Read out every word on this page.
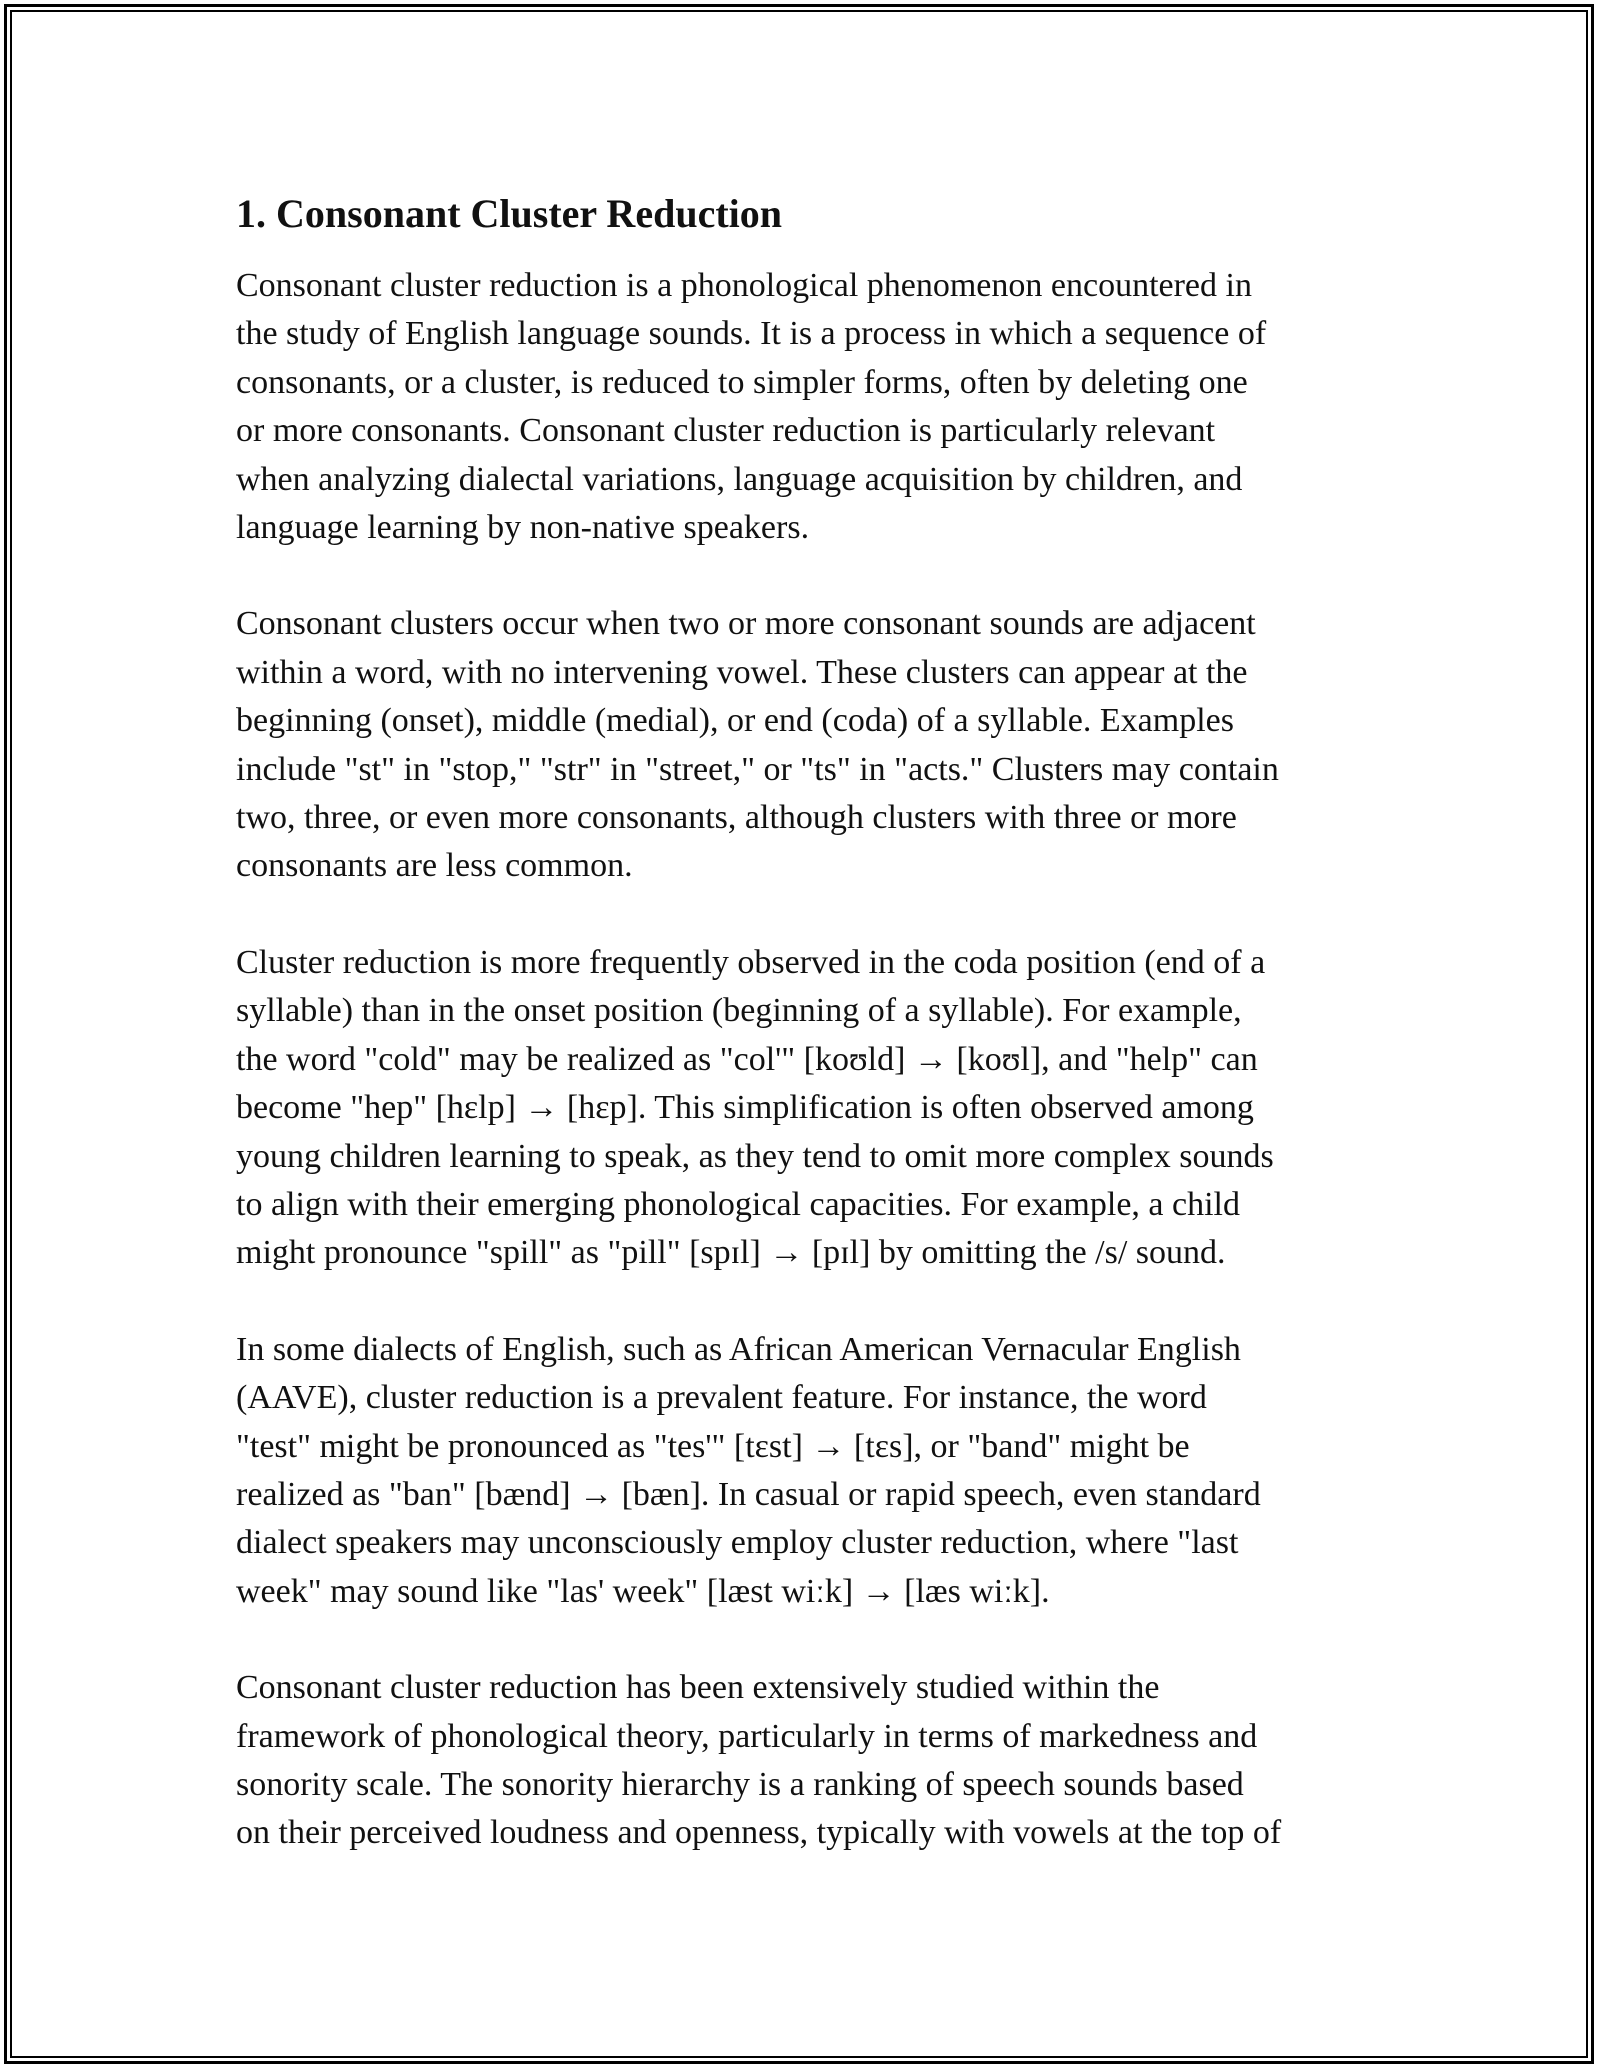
1. Consonant Cluster Reduction

Consonant cluster reduction is a phonological phenomenon encountered in
the study of English language sounds. It is a process in which a sequence of
consonants, or a cluster, is reduced to simpler forms, often by deleting one
or more consonants. Consonant cluster reduction is particularly relevant
when analyzing dialectal variations, language acquisition by children, and
language learning by non-native speakers.

Consonant clusters occur when two or more consonant sounds are adjacent
within a word, with no intervening vowel. These clusters can appear at the
beginning (onset), middle (medial), or end (coda) of a syllable. Examples
include "st" in "stop," "str" in "street," or "ts" in "acts." Clusters may contain
two, three, or even more consonants, although clusters with three or more
consonants are less common.

Cluster reduction is more frequently observed in the coda position (end of a
syllable) than in the onset position (beginning of a syllable). For example,
the word "cold" may be realized as "col'" [koʊld] → [koʊl], and "help" can
become "hep" [hɛlp] → [hɛp]. This simplification is often observed among
young children learning to speak, as they tend to omit more complex sounds
to align with their emerging phonological capacities. For example, a child
might pronounce "spill" as "pill" [spɪl] → [pɪl] by omitting the /s/ sound.

In some dialects of English, such as African American Vernacular English
(AAVE), cluster reduction is a prevalent feature. For instance, the word
"test" might be pronounced as "tes'" [tɛst] → [tɛs], or "band" might be
realized as "ban" [bænd] → [bæn]. In casual or rapid speech, even standard
dialect speakers may unconsciously employ cluster reduction, where "last
week" may sound like "las' week" [læst wiːk] → [læs wiːk].

Consonant cluster reduction has been extensively studied within the
framework of phonological theory, particularly in terms of markedness and
sonority scale. The sonority hierarchy is a ranking of speech sounds based
on their perceived loudness and openness, typically with vowels at the top of
